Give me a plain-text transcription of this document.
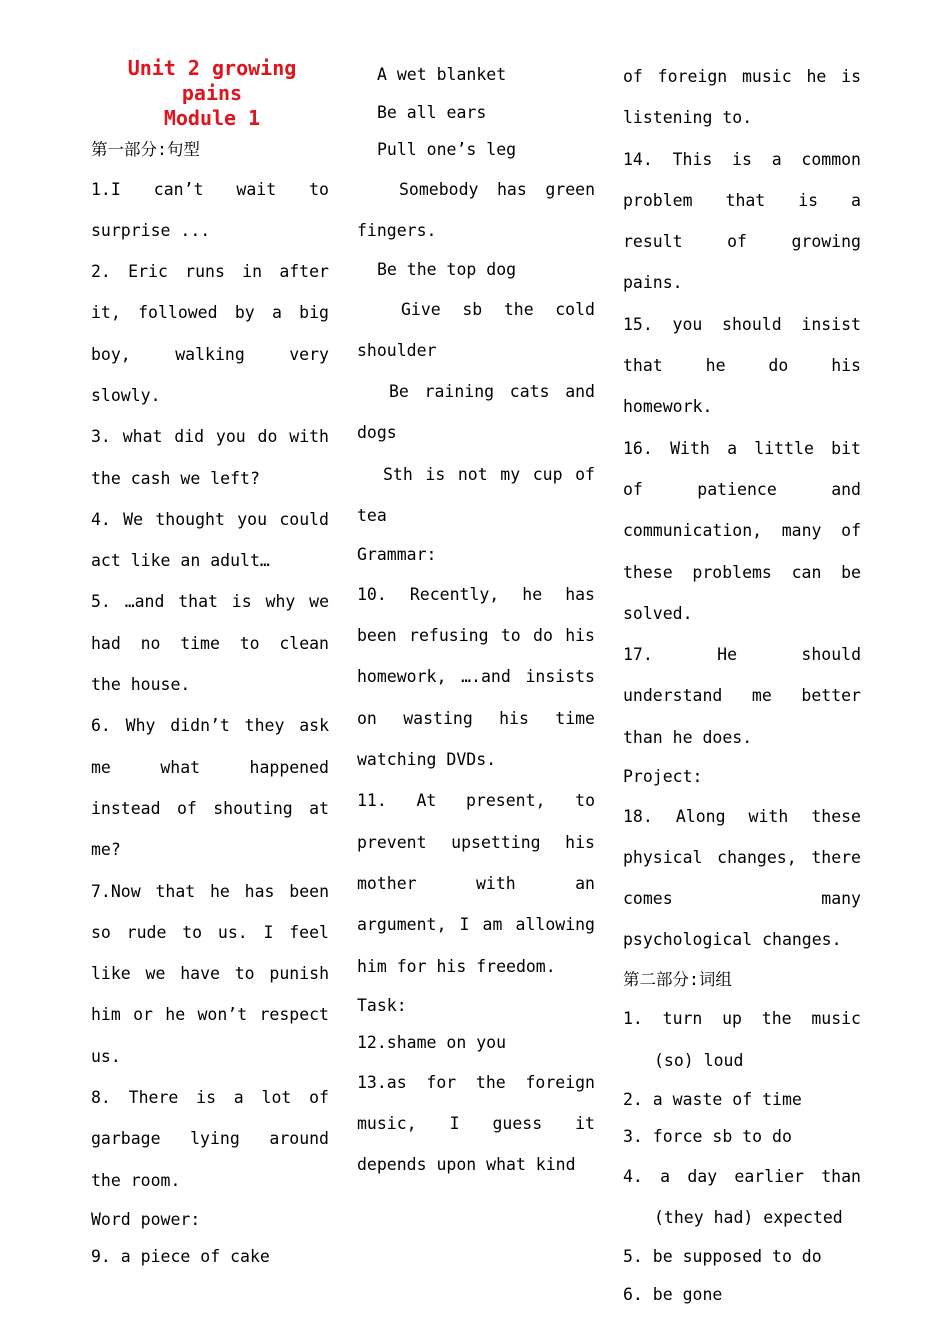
Unit 2 growing pains
Module 1

第一部分:句型

1.I can’t wait to surprise ...

2. Eric runs in after it, followed by a big boy, walking very slowly.

3. what did you do with the cash we left?

4. We thought you could act like an adult…

5. …and that is why we had no time to clean the house.

6. Why didn’t they ask me what happened instead of shouting at me?

7.Now that he has been so rude to us. I feel like we have to punish him or he won’t respect us.

8. There is a lot of garbage lying around the room.

Word power:

9. a piece of cake

A wet blanket

Be all ears

Pull one’s leg

Somebody has green fingers.

Be the top dog

Give sb the cold shoulder

Be raining cats and dogs

Sth is not my cup of tea

Grammar:

10. Recently, he has been refusing to do his homework, ….and insists on wasting his time watching DVDs.

11. At present, to prevent upsetting his mother with an argument, I am allowing him for his freedom.

Task:

12.shame on you

13.as for the foreign music, I guess it depends upon what kind

of foreign music he is listening to.

14. This is a common problem that is a result of growing pains.

15. you should insist that he do his homework.

16. With a little bit of patience and communication, many of these problems can be solved.

17. He should understand me better than he does.

Project:

18. Along with these physical changes, there comes many psychological changes.

第二部分:词组

1. turn up the music (so) loud

2. a waste of time

3. force sb to do

4. a day earlier than (they had) expected

5. be supposed to do

6. be gone
